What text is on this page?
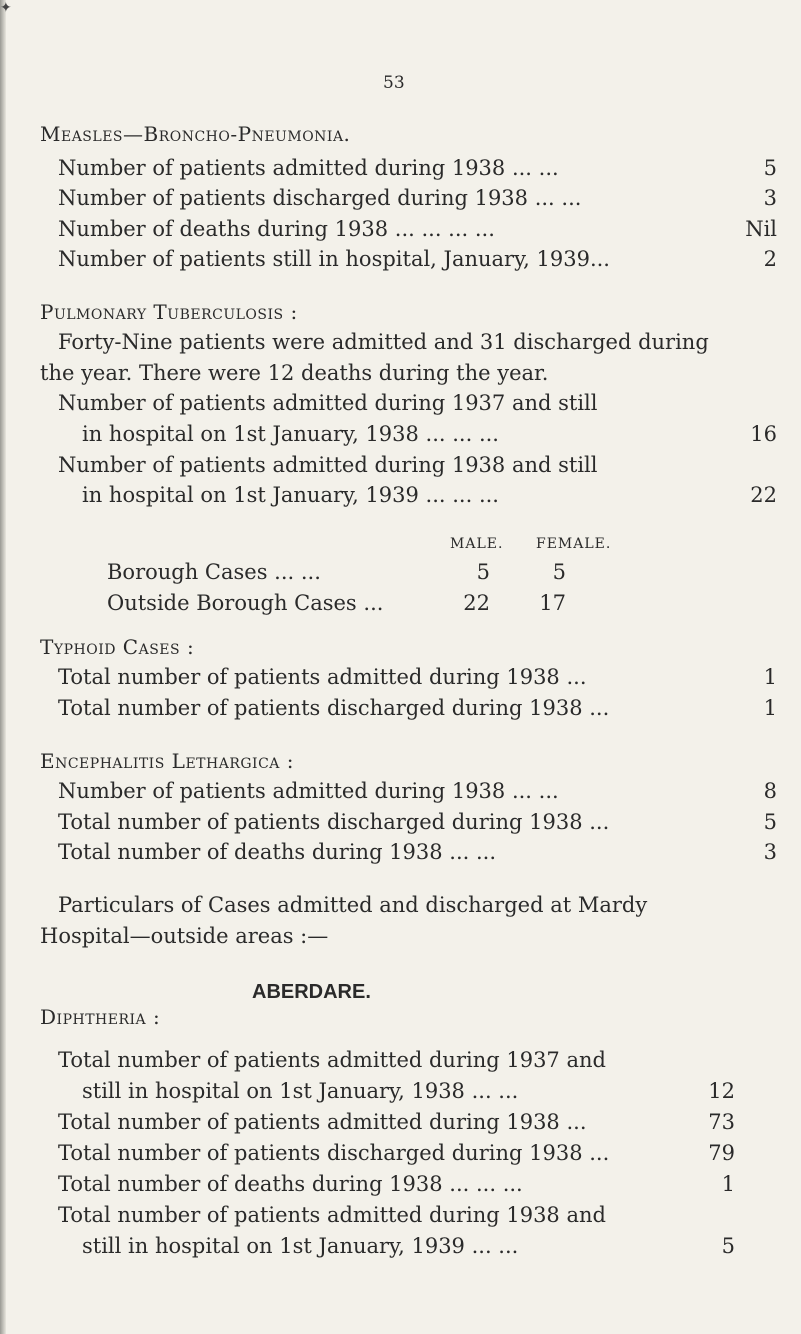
✦
53
Measles—Broncho-Pneumonia.
Number of patients admitted during 1938 ... ...	5
Number of patients discharged during 1938 ... ...	3
Number of deaths during 1938 ... ... ... ...	Nil
Number of patients still in hospital, January, 1939...	2
Pulmonary Tuberculosis :
Forty-Nine patients were admitted and 31 discharged during
the year. There were 12 deaths during the year.
Number of patients admitted during 1937 and still
in hospital on 1st January, 1938 ... ... ...	16
Number of patients admitted during 1938 and still
in hospital on 1st January, 1939 ... ... ...	22
MALE. FEMALE.
Borough Cases ... ...	5	5
Outside Borough Cases ...	22	17
Typhoid Cases :
Total number of patients admitted during 1938 ...	1
Total number of patients discharged during 1938 ...	1
Encephalitis Lethargica :
Number of patients admitted during 1938 ... ...	8
Total number of patients discharged during 1938 ...	5
Total number of deaths during 1938 ... ...	3
Particulars of Cases admitted and discharged at Mardy
Hospital—outside areas :—
ABERDARE.
Diphtheria :
Total number of patients admitted during 1937 and
still in hospital on 1st January, 1938 ... ...	12
Total number of patients admitted during 1938 ...	73
Total number of patients discharged during 1938 ...	79
Total number of deaths during 1938 ... ... ...	1
Total number of patients admitted during 1938 and
still in hospital on 1st January, 1939 ... ...	5
